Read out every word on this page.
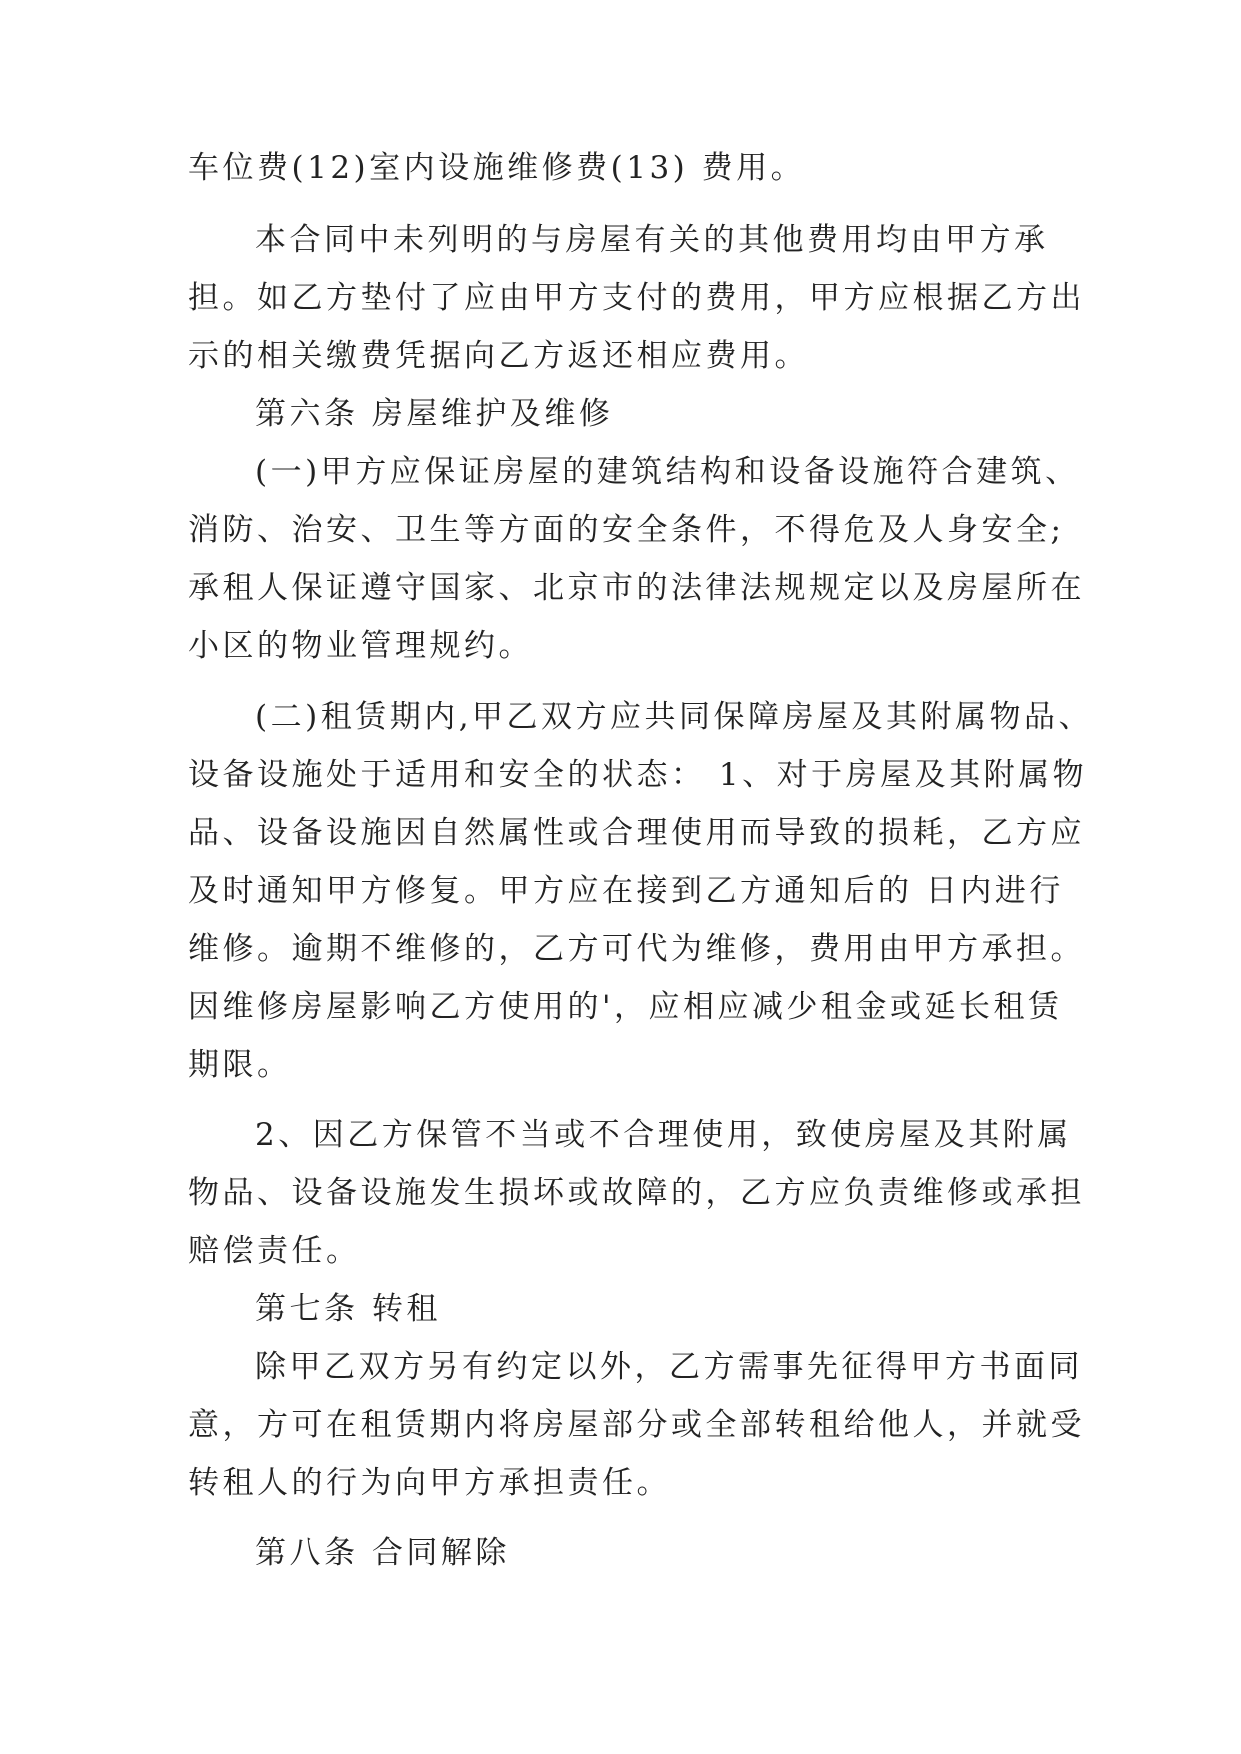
车位费(12)室内设施维修费(13) 费用。

本合同中未列明的与房屋有关的其他费用均由甲方承

担。如乙方垫付了应由甲方支付的费用，甲方应根据乙方出

示的相关缴费凭据向乙方返还相应费用。

第六条 房屋维护及维修

(一)甲方应保证房屋的建筑结构和设备设施符合建筑、

消防、治安、卫生等方面的安全条件，不得危及人身安全;

承租人保证遵守国家、北京市的法律法规规定以及房屋所在

小区的物业管理规约。

(二)租赁期内,甲乙双方应共同保障房屋及其附属物品、

设备设施处于适用和安全的状态： 1、对于房屋及其附属物

品、设备设施因自然属性或合理使用而导致的损耗，乙方应

及时通知甲方修复。甲方应在接到乙方通知后的 日内进行

维修。逾期不维修的，乙方可代为维修，费用由甲方承担。

因维修房屋影响乙方使用的'，应相应减少租金或延长租赁

期限。

2、因乙方保管不当或不合理使用，致使房屋及其附属

物品、设备设施发生损坏或故障的，乙方应负责维修或承担

赔偿责任。

第七条 转租

除甲乙双方另有约定以外，乙方需事先征得甲方书面同

意，方可在租赁期内将房屋部分或全部转租给他人，并就受

转租人的行为向甲方承担责任。

第八条 合同解除
